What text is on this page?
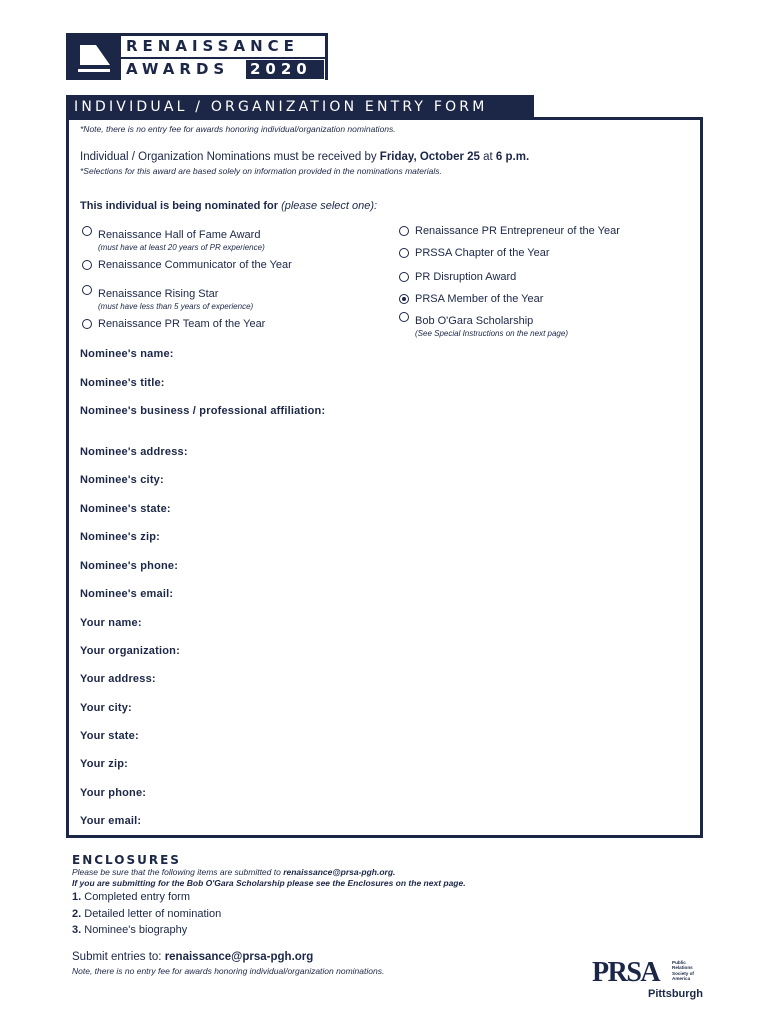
RENAISSANCE
AWARDS	2020
INDIVIDUAL / ORGANIZATION ENTRY FORM
*Note, there is no entry fee for awards honoring individual/organization nominations.
Individual / Organization Nominations must be received by Friday, October 25 at 6 p.m.
*Selections for this award are based solely on information provided in the nominations materials.
This individual is being nominated for (please select one):
Renaissance Hall of Fame Award
(must have at least 20 years of PR experience)
Renaissance Communicator of the Year
Renaissance Rising Star
(must have less than 5 years of experience)
Renaissance PR Team of the Year
Renaissance PR Entrepreneur of the Year
PRSSA Chapter of the Year
PR Disruption Award
PRSA Member of the Year
Bob O'Gara Scholarship
(See Special Instructions on the next page)
Nominee's name:
Nominee's title:
Nominee's business / professional affiliation:
Nominee's address:
Nominee's city:
Nominee's state:
Nominee's zip:
Nominee's phone:
Nominee's email:
Your name:
Your organization:
Your address:
Your city:
Your state:
Your zip:
Your phone:
Your email:
ENCLOSURES
Please be sure that the following items are submitted to renaissance@prsa-pgh.org.
If you are submitting for the Bob O'Gara Scholarship please see the Enclosures on the next page.
1. Completed entry form
2. Detailed letter of nomination
3. Nominee's biography
Submit entries to: renaissance@prsa-pgh.org
Note, there is no entry fee for awards honoring individual/organization nominations.	PRSA	Public
Relations
Society of
America
Pittsburgh
